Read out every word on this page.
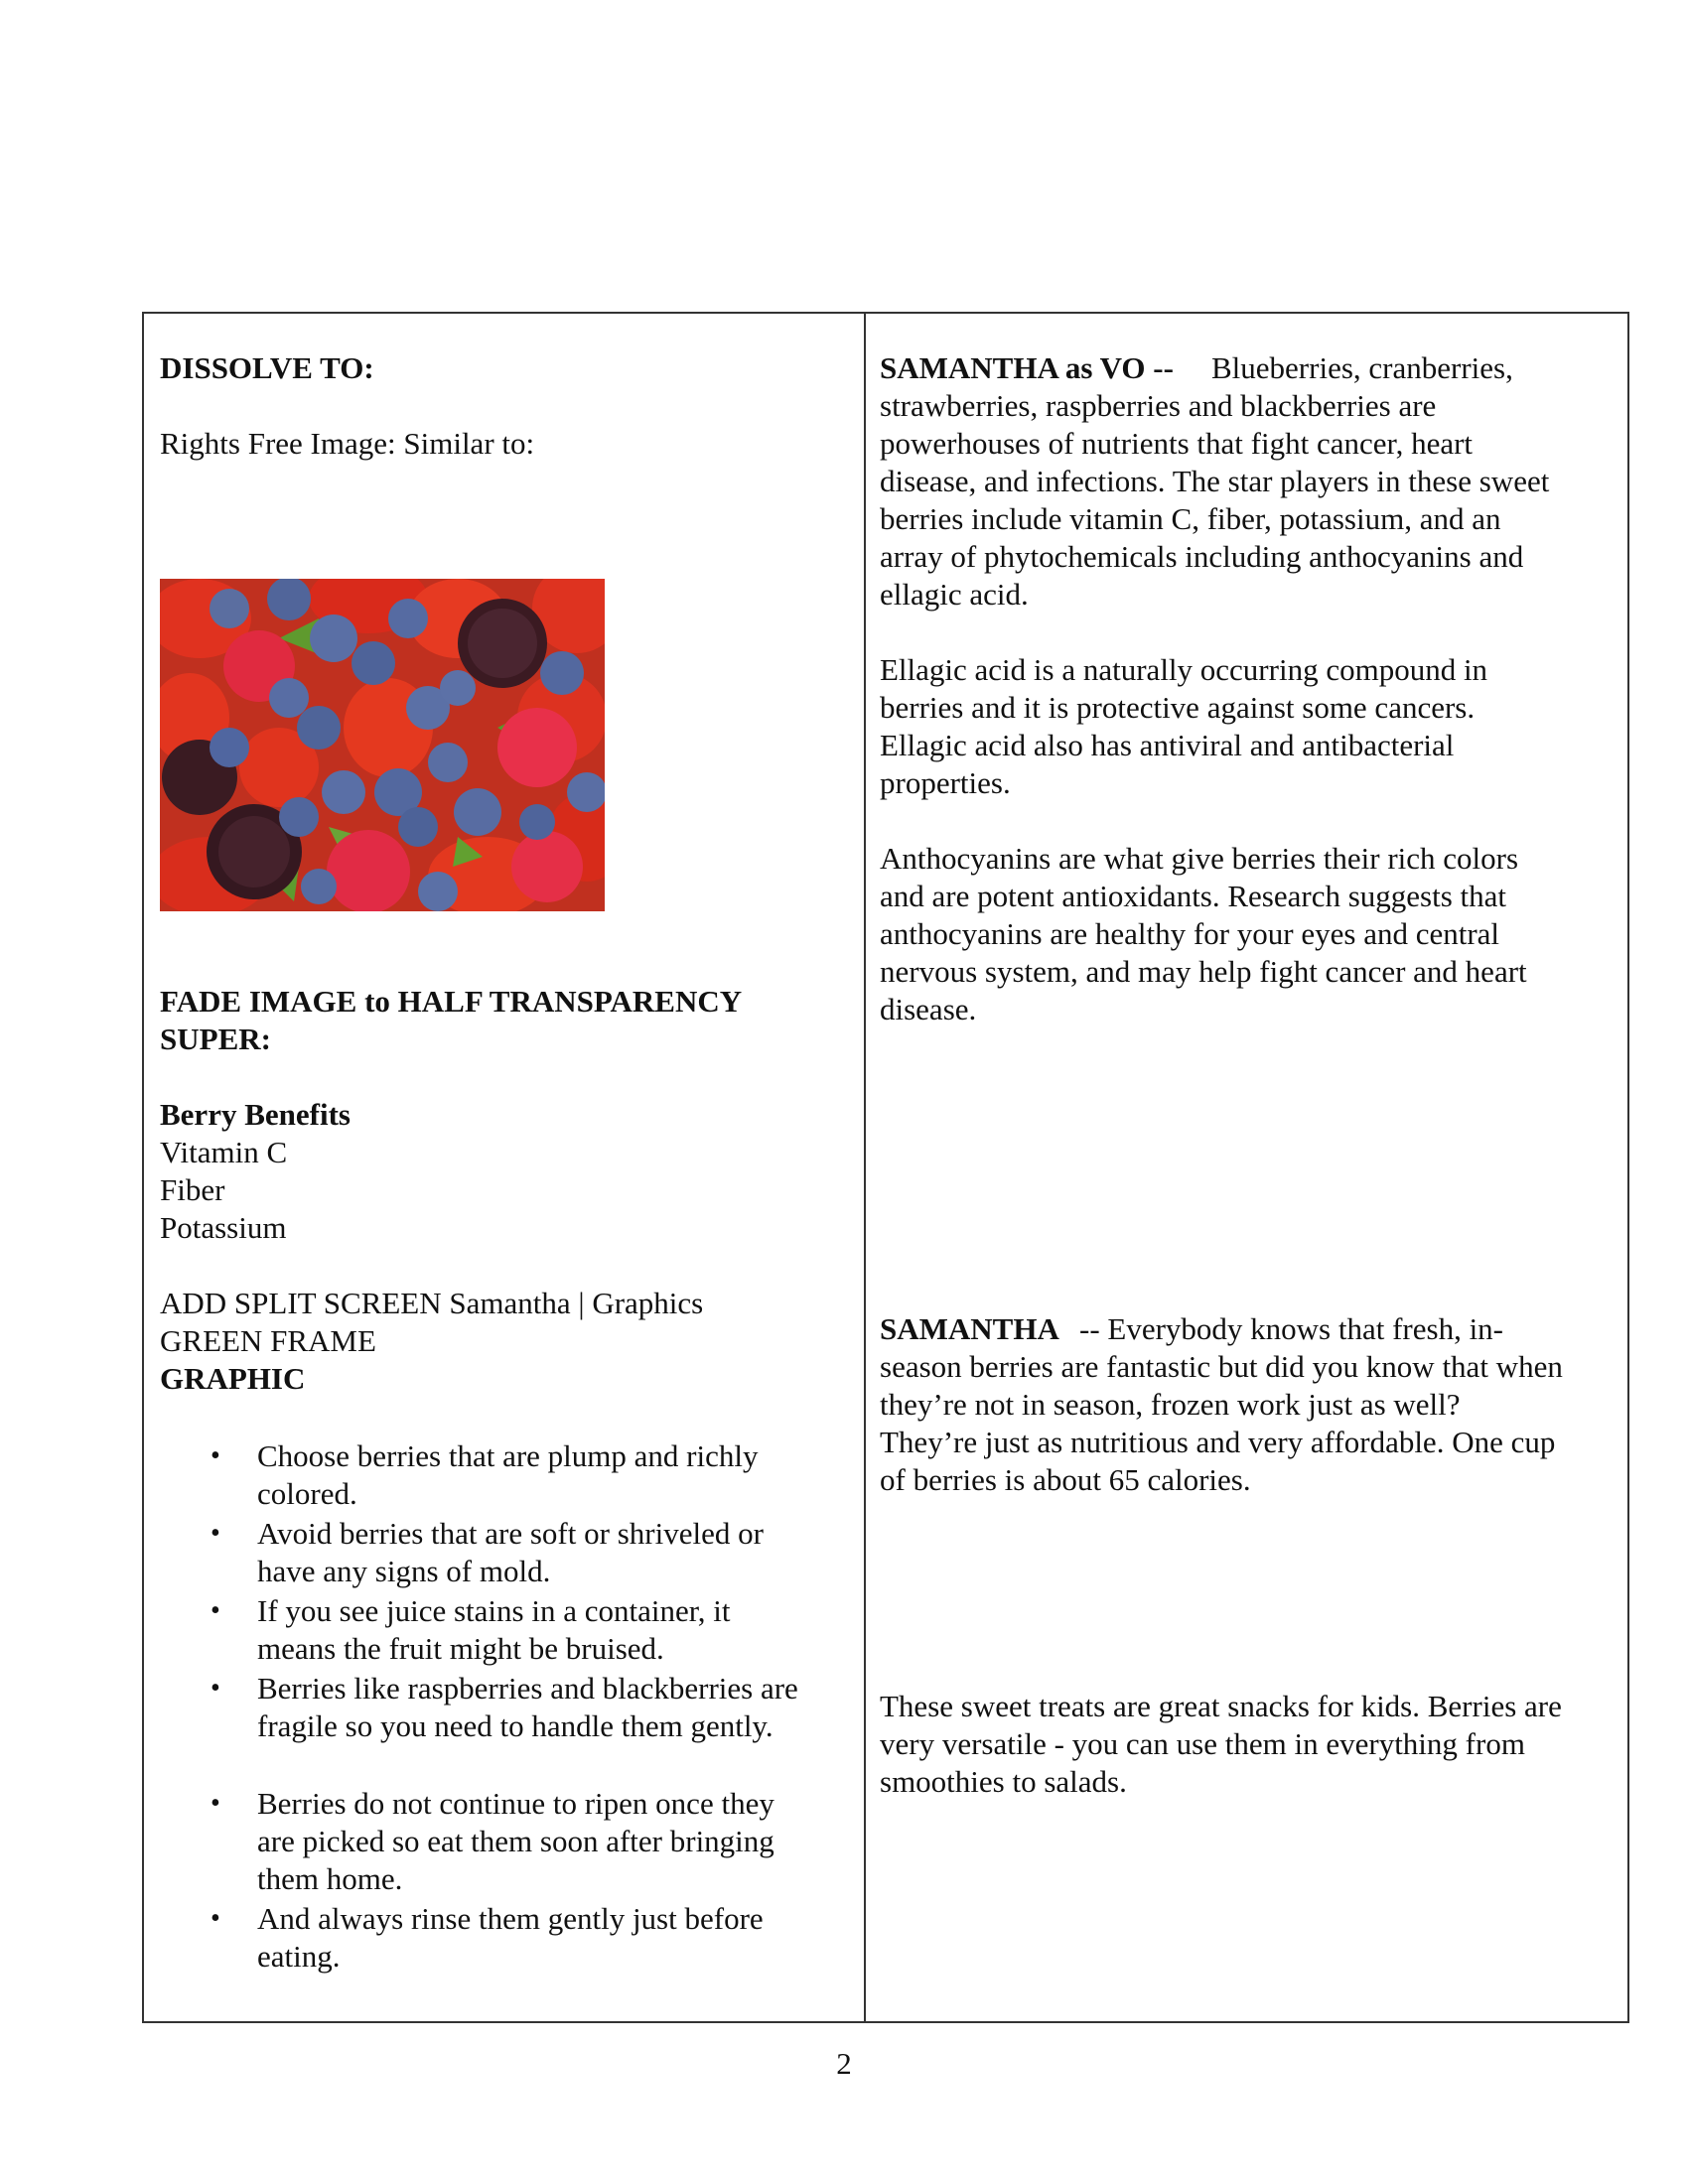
DISSOLVE TO:
Rights Free Image: Similar to:
FADE IMAGE to HALF TRANSPARENCY
SUPER:
Berry Benefits
Vitamin C
Fiber
Potassium
ADD SPLIT SCREEN Samantha | Graphics
GREEN FRAME
GRAPHIC
• Choose berries that are plump and richly
colored.
• Avoid berries that are soft or shriveled or
have any signs of mold.
• If you see juice stains in a container, it
means the fruit might be bruised.
• Berries like raspberries and blackberries are
fragile so you need to handle them gently.
• Berries do not continue to ripen once they
are picked so eat them soon after bringing
them home.
• And always rinse them gently just before
eating.
SAMANTHA as VO -- Blueberries, cranberries,
strawberries, raspberries and blackberries are
powerhouses of nutrients that fight cancer, heart
disease, and infections. The star players in these sweet
berries include vitamin C, fiber, potassium, and an
array of phytochemicals including anthocyanins and
ellagic acid.
Ellagic acid is a naturally occurring compound in
berries and it is protective against some cancers.
Ellagic acid also has antiviral and antibacterial
properties.
Anthocyanins are what give berries their rich colors
and are potent antioxidants. Research suggests that
anthocyanins are healthy for your eyes and central
nervous system, and may help fight cancer and heart
disease.
SAMANTHA -- Everybody knows that fresh, in-
season berries are fantastic but did you know that when
they’re not in season, frozen work just as well?
They’re just as nutritious and very affordable. One cup
of berries is about 65 calories.
These sweet treats are great snacks for kids. Berries are
very versatile - you can use them in everything from
smoothies to salads.
2
